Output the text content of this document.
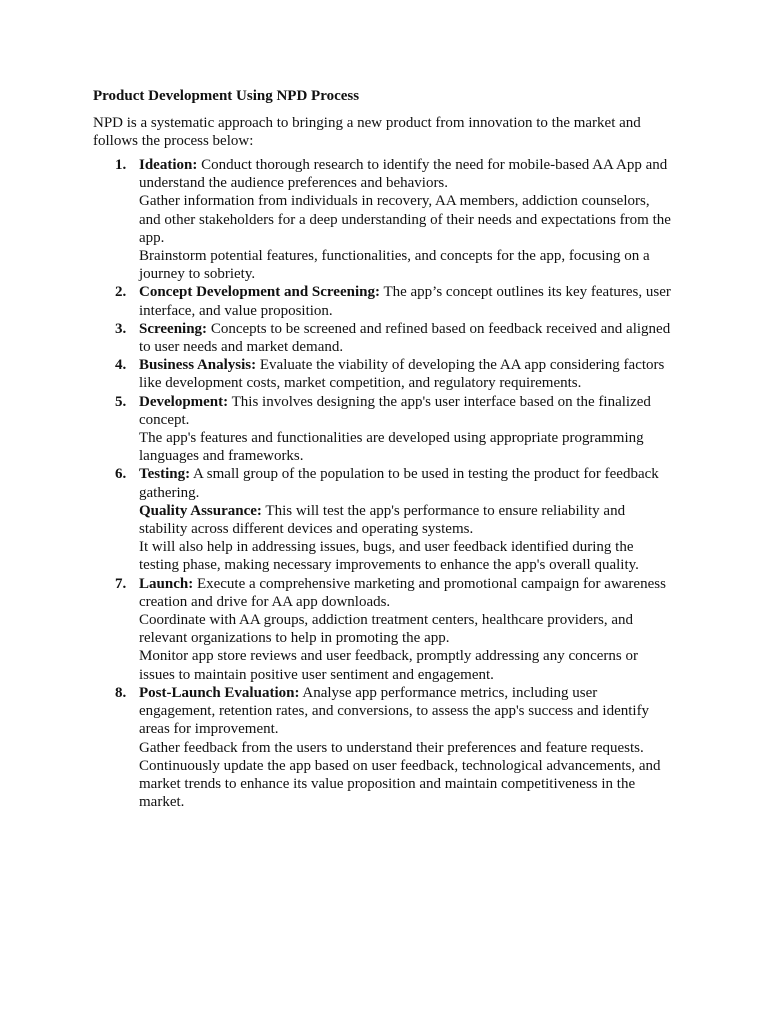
Product Development Using NPD Process
NPD is a systematic approach to bringing a new product from innovation to the market and follows the process below:
1. Ideation: Conduct thorough research to identify the need for mobile-based AA App and understand the audience preferences and behaviors.
Gather information from individuals in recovery, AA members, addiction counselors, and other stakeholders for a deep understanding of their needs and expectations from the app.
Brainstorm potential features, functionalities, and concepts for the app, focusing on a journey to sobriety.
2. Concept Development and Screening: The app’s concept outlines its key features, user interface, and value proposition.
3. Screening: Concepts to be screened and refined based on feedback received and aligned to user needs and market demand.
4. Business Analysis: Evaluate the viability of developing the AA app considering factors like development costs, market competition, and regulatory requirements.
5. Development: This involves designing the app's user interface based on the finalized concept.
The app's features and functionalities are developed using appropriate programming languages and frameworks.
6. Testing: A small group of the population to be used in testing the product for feedback gathering.
Quality Assurance: This will test the app's performance to ensure reliability and stability across different devices and operating systems.
It will also help in addressing issues, bugs, and user feedback identified during the testing phase, making necessary improvements to enhance the app's overall quality.
7. Launch: Execute a comprehensive marketing and promotional campaign for awareness creation and drive for AA app downloads.
Coordinate with AA groups, addiction treatment centers, healthcare providers, and relevant organizations to help in promoting the app.
Monitor app store reviews and user feedback, promptly addressing any concerns or issues to maintain positive user sentiment and engagement.
8. Post-Launch Evaluation: Analyse app performance metrics, including user engagement, retention rates, and conversions, to assess the app's success and identify areas for improvement.
Gather feedback from the users to understand their preferences and feature requests.
Continuously update the app based on user feedback, technological advancements, and market trends to enhance its value proposition and maintain competitiveness in the market.
